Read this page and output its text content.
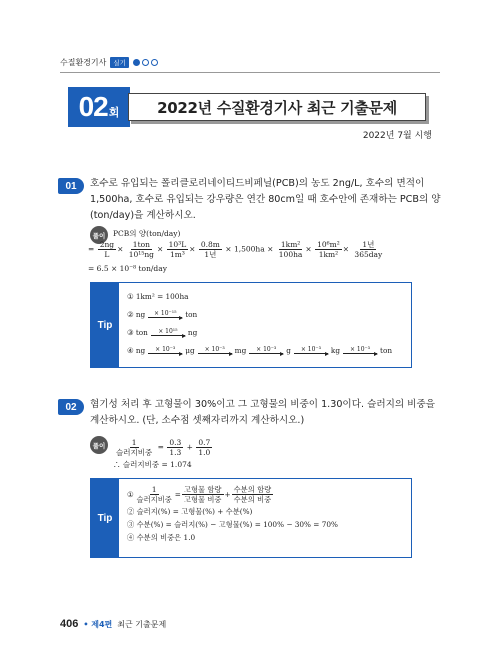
수질환경기사	실기
02 회	2022년 수질환경기사 최근 기출문제
2022년 7월 시행
01	호수로 유입되는 폴리클로리네이티드비페닐(PCB)의 농도 2ng/L, 호수의 면적이 1,500ha, 호수로 유입되는 강우량은 연간 80cm일 때 호수안에 존재하는 PCB의 양(ton/day)을 계산하시오.
풀이	PCB의 양(ton/day)
= $\frac{2ng}{L} \times \frac{\text{1ton}}{\text{10¹⁵ng}} \times \frac{\text{10³L}}{\text{1m³}} \times \frac{0.8m}{\text{1년}} \times 1,500ha \times \frac{\text{1km²}}{100ha} \times \frac{\text{10⁶m²}}{\text{1km²}} \times \frac{\text{1년}}{\text{365day}}$
= 6.5 × 10⁻⁸ ton/day
Tip
① 1km² = 100ha
② ng × 10⁻¹⁵ ton
③ ton × 10¹⁵ ng
④ ng × 10⁻³ μg × 10⁻³ mg × 10⁻³ g × 10⁻³ kg × 10⁻³ ton
02	혐기성 처리 후 고형물이 30%이고 그 고형물의 비중이 1.30이다. 슬러지의 비중을 계산하시오. (단, 소수점 셋째자리까지 계산하시오.)
풀이	$\frac{1}{\text{슬러지비중}} = \frac{0.3}{1.3} + \frac{0.7}{1.0}$
∴ 슬러지비중 = 1.074
Tip
① $\frac{1}{\text{슬러지비중}} = \frac{\text{고형물 함량}}{\text{고형물 비중}} + \frac{\text{수분의 함량}}{\text{수분의 비중}}$
② 슬러지(%) = 고형물(%) + 수분(%)
③ 수분(%) = 슬러지(%) − 고형물(%) = 100% − 30% = 70%
④ 수분의 비중은 1.0
406 • 제4편 최근 기출문제
